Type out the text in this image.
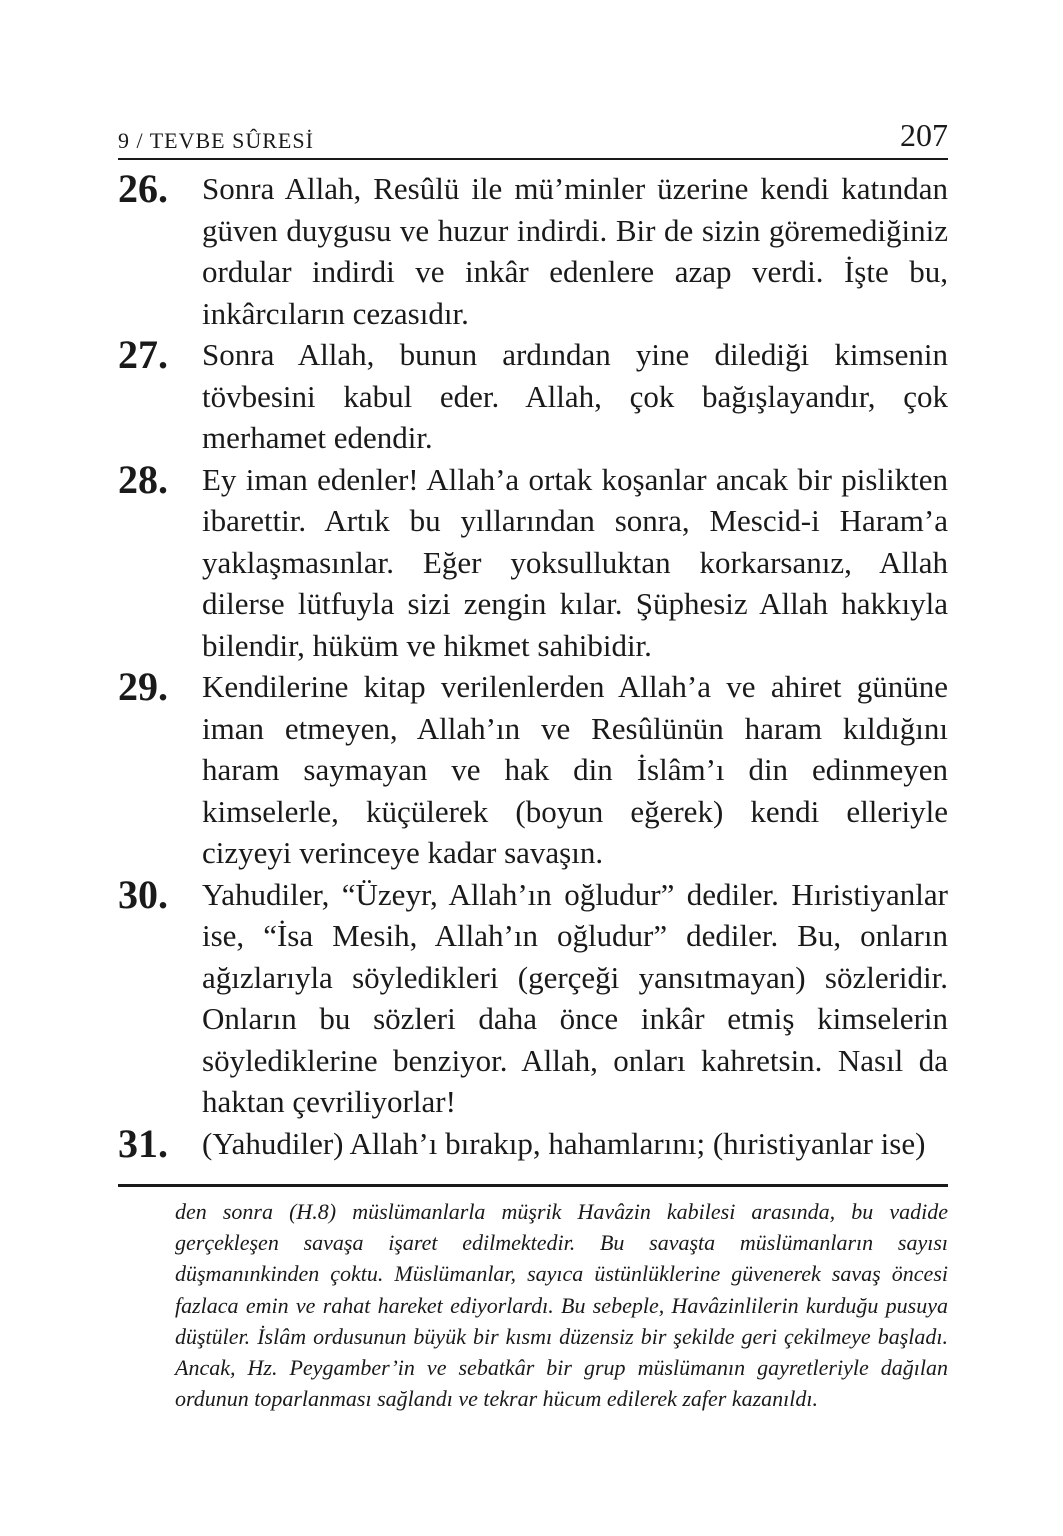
9 / TEVBE SÛRESİ	207
26. Sonra Allah, Resûlü ile mü’minler üzerine kendi katından güven duygusu ve huzur indirdi. Bir de sizin göremediğiniz ordular indirdi ve inkâr edenlere azap verdi. İşte bu, inkârcıların cezasıdır.
27. Sonra Allah, bunun ardından yine dilediği kimsenin tövbesini kabul eder. Allah, çok bağışlayandır, çok merhamet edendir.
28. Ey iman edenler! Allah’a ortak koşanlar ancak bir pislikten ibarettir. Artık bu yıllarından sonra, Mescid-i Haram’a yaklaşmasınlar. Eğer yoksulluktan korkarsanız, Allah dilerse lütfuyla sizi zengin kılar. Şüphesiz Allah hakkıyla bilendir, hüküm ve hikmet sahibidir.
29. Kendilerine kitap verilenlerden Allah’a ve ahiret gününe iman etmeyen, Allah’ın ve Resûlünün haram kıldığını haram saymayan ve hak din İslâm’ı din edinmeyen kimselerle, küçülerek (boyun eğerek) kendi elleriyle cizyeyi verinceye kadar savaşın.
30. Yahudiler, “Üzeyr, Allah’ın oğludur” dediler. Hıristiyanlar ise, “İsa Mesih, Allah’ın oğludur” dediler. Bu, onların ağızlarıyla söyledikleri (gerçeği yansıtmayan) sözleridir. Onların bu sözleri daha önce inkâr etmiş kimselerin söylediklerine benziyor. Allah, onları kahretsin. Nasıl da haktan çevriliyorlar!
31. (Yahudiler) Allah’ı bırakıp, hahamlarını; (hıristiyanlar ise)
den sonra (H.8) müslümanlarla müşrik Havâzin kabilesi arasında, bu vadide gerçekleşen savaşa işaret edilmektedir. Bu savaşta müslümanların sayısı düşmanınkinden çoktu. Müslümanlar, sayıca üstünlüklerine güvenerek savaş öncesi fazlaca emin ve rahat hareket ediyorlardı. Bu sebeple, Havâzinlilerin kurduğu pusuya düştüler. İslâm ordusunun büyük bir kısmı düzensiz bir şekilde geri çekilmeye başladı. Ancak, Hz. Peygamber’in ve sebatkâr bir grup müslümanın gayretleriyle dağılan ordunun toparlanması sağlandı ve tekrar hücum edilerek zafer kazanıldı.
